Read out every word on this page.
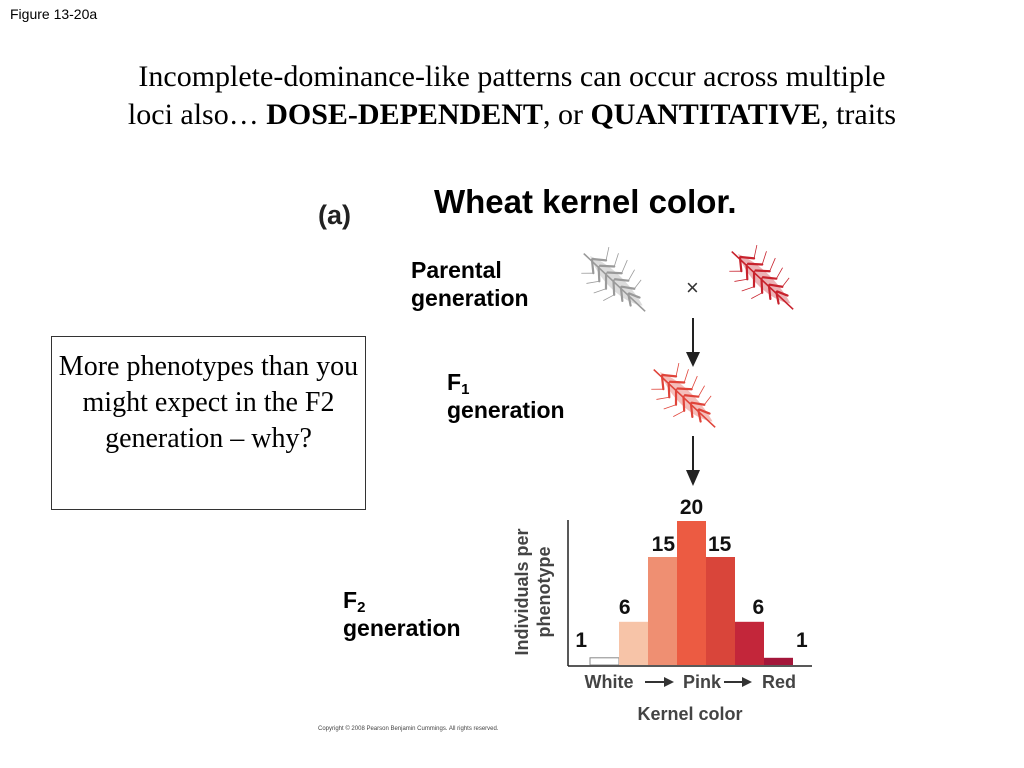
Figure 13-20a
Incomplete-dominance-like patterns can occur across multiple
loci also… DOSE-DEPENDENT, or QUANTITATIVE, traits
(a)	Wheat kernel color.
Parental
generation
$F_1$
generation
$F_2$
generation
More phenotypes than you might expect in the F2 generation – why?
×
1
6
15
20
15
6
1
Individuals per phenotype
White	Pink Red
Kernel color
Copyright © 2008 Pearson Benjamin Cummings. All rights reserved.
